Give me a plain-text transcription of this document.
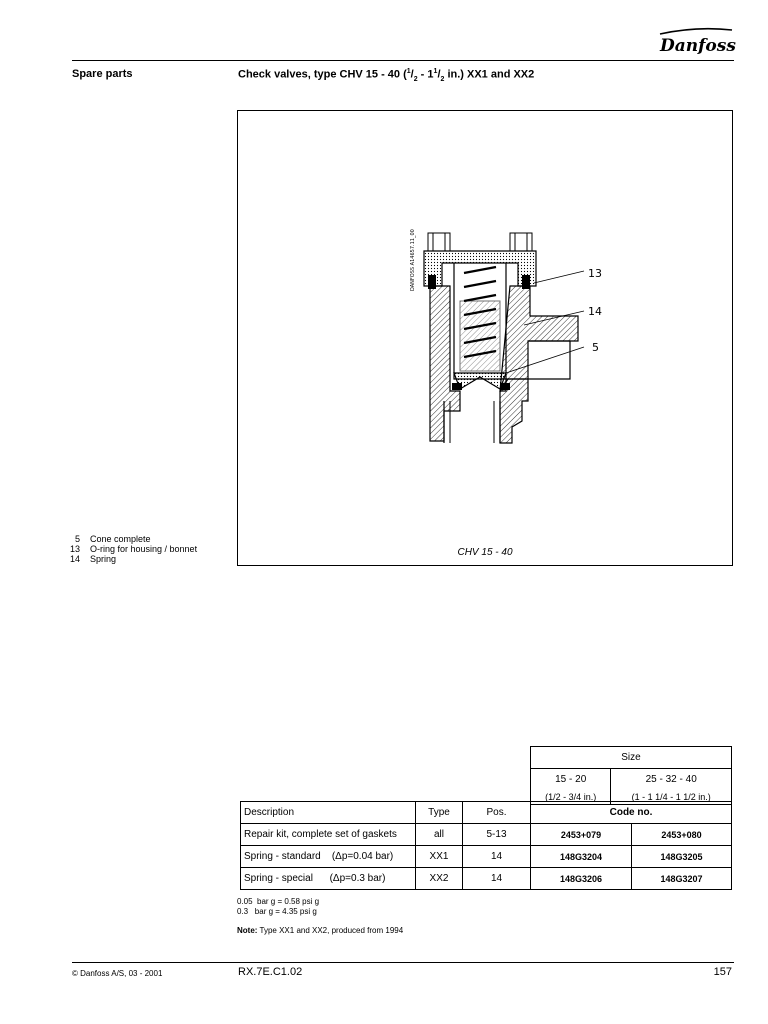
Danfoss
Spare parts	Check valves, type CHV 15 - 40 ($^1/_2 - 1^1/_2$ in.) XX1 and XX2
13
14
5
DANFOSS A14657.11_00
CHV 15 - 40
5 Cone complete
13 O-ring for housing / bonnet
14 Spring
Size	
15 - 20	25 - 32 - 40
(1/2 - 3/4 in.)	(1 - 1 1/4 - 1 1/2 in.)
Description	Type	Pos.	Code no.	
Repair kit, complete set of gaskets	all	5-13	2453+079	2453+080
Spring - standard    (Δp=0.04 bar)	XX1	14	148G3204	148G3205
Spring - special      (Δp=0.3 bar)	XX2	14	148G3206	148G3207
0.05  bar g = 0.58 psi g
0.3   bar g = 4.35 psi g
Note: Type XX1 and XX2, produced from 1994
© Danfoss A/S, 03 - 2001	RX.7E.C1.02	157
